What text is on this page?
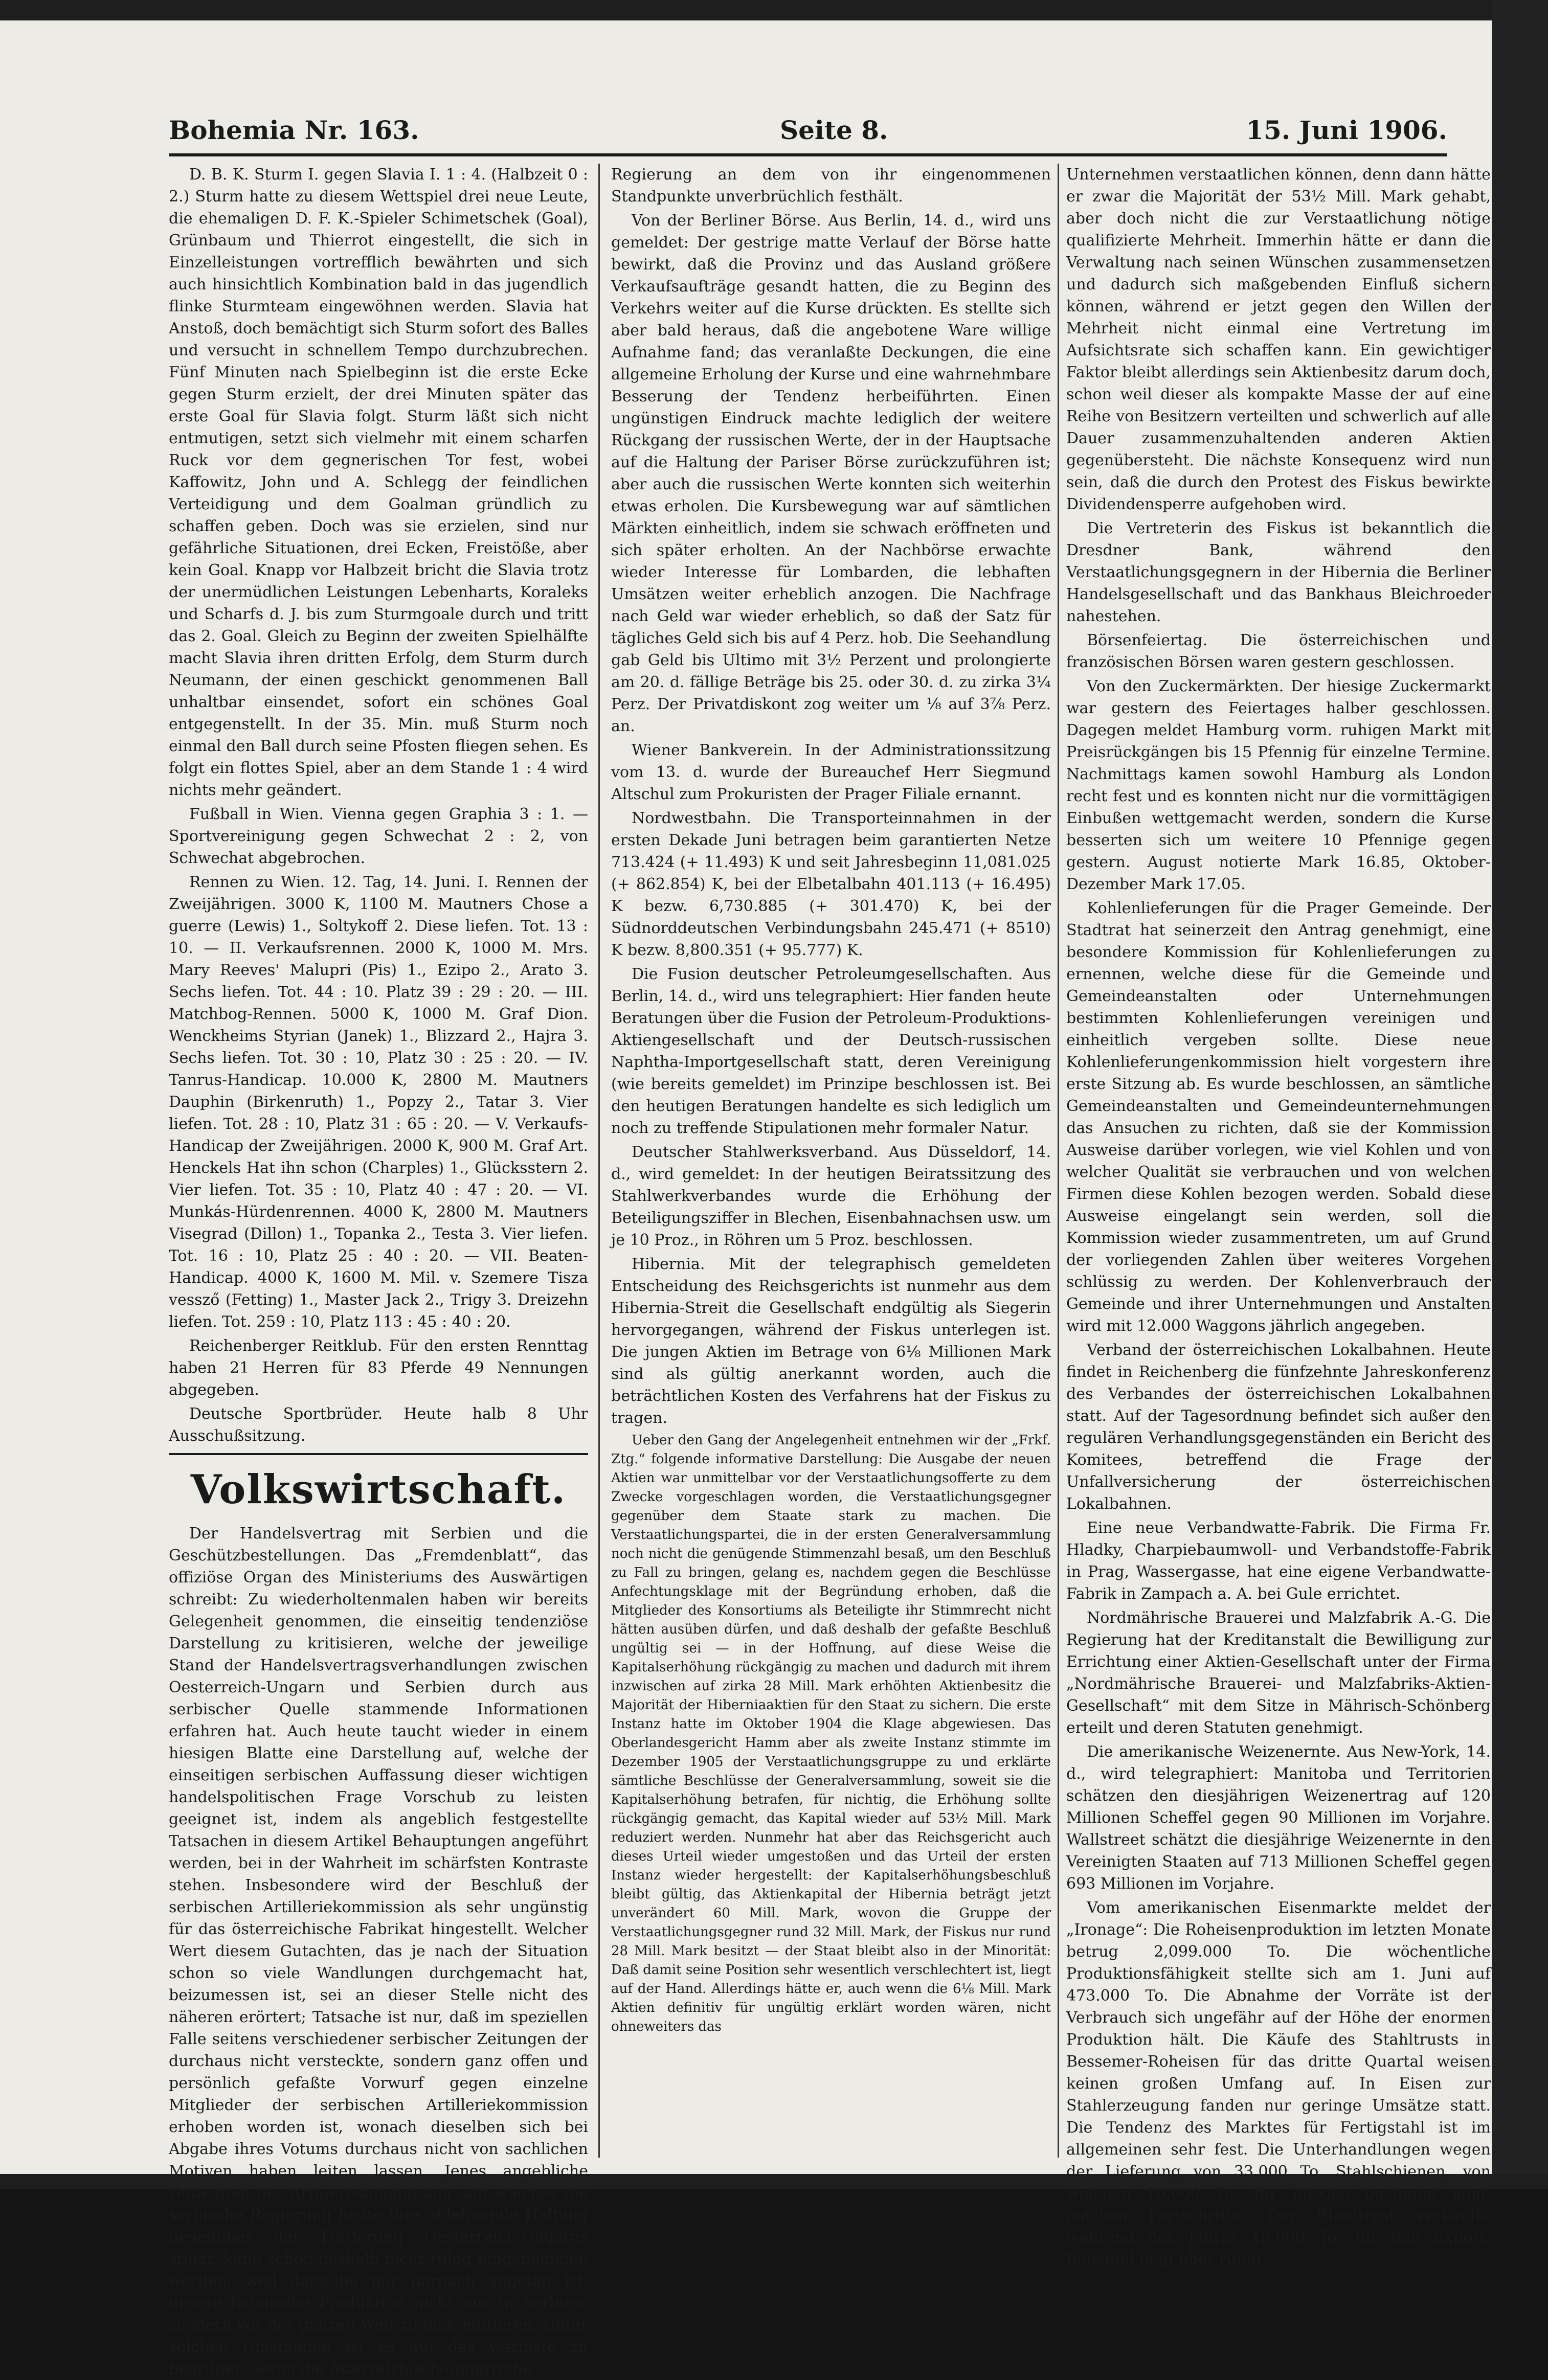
Bohemia Nr. 163.	Seite 8.	15. Juni 1906.

D. B. K. Sturm I. gegen Slavia I. 1 : 4. (Halbzeit 0 : 2.) Sturm hatte zu diesem Wettspiel drei neue Leute, die ehemaligen D. F. K.-Spieler Schimetschek (Goal), Grünbaum und Thierrot eingestellt, die sich in Einzelleistungen vortrefflich bewährten und sich auch hinsichtlich Kombination bald in das jugendlich flinke Sturmteam eingewöhnen werden. Slavia hat Anstoß, doch bemächtigt sich Sturm sofort des Balles und versucht in schnellem Tempo durchzubrechen. Fünf Minuten nach Spielbeginn ist die erste Ecke gegen Sturm erzielt, der drei Minuten später das erste Goal für Slavia folgt. Sturm läßt sich nicht entmutigen, setzt sich vielmehr mit einem scharfen Ruck vor dem gegnerischen Tor fest, wobei Kaffowitz, John und A. Schlegg der feindlichen Verteidigung und dem Goalman gründlich zu schaffen geben. Doch was sie erzielen, sind nur gefährliche Situationen, drei Ecken, Freistöße, aber kein Goal. Knapp vor Halbzeit bricht die Slavia trotz der unermüdlichen Leistungen Lebenharts, Koraleks und Scharfs d. J. bis zum Sturmgoale durch und tritt das 2. Goal. Gleich zu Beginn der zweiten Spielhälfte macht Slavia ihren dritten Erfolg, dem Sturm durch Neumann, der einen geschickt genommenen Ball unhaltbar einsendet, sofort ein schönes Goal entgegenstellt. In der 35. Min. muß Sturm noch einmal den Ball durch seine Pfosten fliegen sehen. Es folgt ein flottes Spiel, aber an dem Stande 1 : 4 wird nichts mehr geändert.

Fußball in Wien. Vienna gegen Graphia 3 : 1. — Sportvereinigung gegen Schwechat 2 : 2, von Schwechat abgebrochen.

Rennen zu Wien. 12. Tag, 14. Juni. I. Rennen der Zweijährigen. 3000 K, 1100 M. Mautners Chose a guerre (Lewis) 1., Soltykoff 2. Diese liefen. Tot. 13 : 10. — II. Verkaufsrennen. 2000 K, 1000 M. Mrs. Mary Reeves' Malupri (Pis) 1., Ezipo 2., Arato 3. Sechs liefen. Tot. 44 : 10. Platz 39 : 29 : 20. — III. Matchbog-Rennen. 5000 K, 1000 M. Graf Dion. Wenckheims Styrian (Janek) 1., Blizzard 2., Hajra 3. Sechs liefen. Tot. 30 : 10, Platz 30 : 25 : 20. — IV. Tanrus-Handicap. 10.000 K, 2800 M. Mautners Dauphin (Birkenruth) 1., Popzy 2., Tatar 3. Vier liefen. Tot. 28 : 10, Platz 31 : 65 : 20. — V. Verkaufs-Handicap der Zweijährigen. 2000 K, 900 M. Graf Art. Henckels Hat ihn schon (Charples) 1., Glücksstern 2. Vier liefen. Tot. 35 : 10, Platz 40 : 47 : 20. — VI. Munkás-Hürdenrennen. 4000 K, 2800 M. Mautners Visegrad (Dillon) 1., Topanka 2., Testa 3. Vier liefen. Tot. 16 : 10, Platz 25 : 40 : 20. — VII. Beaten-Handicap. 4000 K, 1600 M. Mil. v. Szemere Tisza vessző (Fetting) 1., Master Jack 2., Trigy 3. Dreizehn liefen. Tot. 259 : 10, Platz 113 : 45 : 40 : 20.

Reichenberger Reitklub. Für den ersten Rennttag haben 21 Herren für 83 Pferde 49 Nennungen abgegeben.

Deutsche Sportbrüder. Heute halb 8 Uhr Ausschußsitzung.

Volkswirtschaft.

Der Handelsvertrag mit Serbien und die Geschützbestellungen. Das „Fremdenblatt“, das offiziöse Organ des Ministeriums des Auswärtigen schreibt: Zu wiederholtenmalen haben wir bereits Gelegenheit genommen, die einseitig tendenziöse Darstellung zu kritisieren, welche der jeweilige Stand der Handelsvertragsverhandlungen zwischen Oesterreich-Ungarn und Serbien durch aus serbischer Quelle stammende Informationen erfahren hat. Auch heute taucht wieder in einem hiesigen Blatte eine Darstellung auf, welche der einseitigen serbischen Auffassung dieser wichtigen handelspolitischen Frage Vorschub zu leisten geeignet ist, indem als angeblich festgestellte Tatsachen in diesem Artikel Behauptungen angeführt werden, bei in der Wahrheit im schärfsten Kontraste stehen. Insbesondere wird der Beschluß der serbischen Artilleriekommission als sehr ungünstig für das österreichische Fabrikat hingestellt. Welcher Wert diesem Gutachten, das je nach der Situation schon so viele Wandlungen durchgemacht hat, beizumessen ist, sei an dieser Stelle nicht des näheren erörtert; Tatsache ist nur, daß im speziellen Falle seitens verschiedener serbischer Zeitungen der durchaus nicht versteckte, sondern ganz offen und persönlich gefaßte Vorwurf gegen einzelne Mitglieder der serbischen Artilleriekommission erhoben worden ist, wonach dieselben sich bei Abgabe ihres Votums durchaus nicht von sachlichen Motiven haben leiten lassen. Jenes angebliche Gutachten der Artilleriekommission, auf welches die serbische Regierung heute ihre ablehnende Haltung gegenüber der Forderung Oesterreich-Ungarns stützt, kann schon deshalb nicht ruhig hingenommen werden, weil dasselbe nur darnach angetan ist, unsere heimische Produktion nicht nur in Serbien, sondern vor der ganzen Welt zu diskreditieren. Unter solchen Umständen ist es auf das wärmste zu begrüßen, wenn die österreichisch-ungarische

Regierung an dem von ihr eingenommenen Standpunkte unverbrüchlich festhält.

Von der Berliner Börse. Aus Berlin, 14. d., wird uns gemeldet: Der gestrige matte Verlauf der Börse hatte bewirkt, daß die Provinz und das Ausland größere Verkaufsaufträge gesandt hatten, die zu Beginn des Verkehrs weiter auf die Kurse drückten. Es stellte sich aber bald heraus, daß die angebotene Ware willige Aufnahme fand; das veranlaßte Deckungen, die eine allgemeine Erholung der Kurse und eine wahrnehmbare Besserung der Tendenz herbeiführten. Einen ungünstigen Eindruck machte lediglich der weitere Rückgang der russischen Werte, der in der Hauptsache auf die Haltung der Pariser Börse zurückzuführen ist; aber auch die russischen Werte konnten sich weiterhin etwas erholen. Die Kursbewegung war auf sämtlichen Märkten einheitlich, indem sie schwach eröffneten und sich später erholten. An der Nachbörse erwachte wieder Interesse für Lombarden, die lebhaften Umsätzen weiter erheblich anzogen. Die Nachfrage nach Geld war wieder erheblich, so daß der Satz für tägliches Geld sich bis auf 4 Perz. hob. Die Seehandlung gab Geld bis Ultimo mit 3½ Perzent und prolongierte am 20. d. fällige Beträge bis 25. oder 30. d. zu zirka 3¼ Perz. Der Privatdiskont zog weiter um ⅛ auf 3⅞ Perz. an.

Wiener Bankverein. In der Administrationssitzung vom 13. d. wurde der Bureauchef Herr Siegmund Altschul zum Prokuristen der Prager Filiale ernannt.

Nordwestbahn. Die Transporteinnahmen in der ersten Dekade Juni betragen beim garantierten Netze 713.424 (+ 11.493) K und seit Jahresbeginn 11,081.025 (+ 862.854) K, bei der Elbetalbahn 401.113 (+ 16.495) K bezw. 6,730.885 (+ 301.470) K, bei der Südnorddeutschen Verbindungsbahn 245.471 (+ 8510) K bezw. 8,800.351 (+ 95.777) K.

Die Fusion deutscher Petroleumgesellschaften. Aus Berlin, 14. d., wird uns telegraphiert: Hier fanden heute Beratungen über die Fusion der Petroleum-Produktions-Aktiengesellschaft und der Deutsch-russischen Naphtha-Importgesellschaft statt, deren Vereinigung (wie bereits gemeldet) im Prinzipe beschlossen ist. Bei den heutigen Beratungen handelte es sich lediglich um noch zu treffende Stipulationen mehr formaler Natur.

Deutscher Stahlwerksverband. Aus Düsseldorf, 14. d., wird gemeldet: In der heutigen Beiratssitzung des Stahlwerkverbandes wurde die Erhöhung der Beteiligungsziffer in Blechen, Eisenbahnachsen usw. um je 10 Proz., in Röhren um 5 Proz. beschlossen.

Hibernia. Mit der telegraphisch gemeldeten Entscheidung des Reichsgerichts ist nunmehr aus dem Hibernia-Streit die Gesellschaft endgültig als Siegerin hervorgegangen, während der Fiskus unterlegen ist. Die jungen Aktien im Betrage von 6⅛ Millionen Mark sind als gültig anerkannt worden, auch die beträchtlichen Kosten des Verfahrens hat der Fiskus zu tragen.

Ueber den Gang der Angelegenheit entnehmen wir der „Frkf. Ztg.“ folgende informative Darstellung: Die Ausgabe der neuen Aktien war unmittelbar vor der Verstaatlichungsofferte zu dem Zwecke vorgeschlagen worden, die Verstaatlichungsgegner gegenüber dem Staate stark zu machen. Die Verstaatlichungspartei, die in der ersten Generalversammlung noch nicht die genügende Stimmenzahl besaß, um den Beschluß zu Fall zu bringen, gelang es, nachdem gegen die Beschlüsse Anfechtungsklage mit der Begründung erhoben, daß die Mitglieder des Konsortiums als Beteiligte ihr Stimmrecht nicht hätten ausüben dürfen, und daß deshalb der gefaßte Beschluß ungültig sei — in der Hoffnung, auf diese Weise die Kapitalserhöhung rückgängig zu machen und dadurch mit ihrem inzwischen auf zirka 28 Mill. Mark erhöhten Aktienbesitz die Majorität der Hiberniaaktien für den Staat zu sichern. Die erste Instanz hatte im Oktober 1904 die Klage abgewiesen. Das Oberlandesgericht Hamm aber als zweite Instanz stimmte im Dezember 1905 der Verstaatlichungsgruppe zu und erklärte sämtliche Beschlüsse der Generalversammlung, soweit sie die Kapitalserhöhung betrafen, für nichtig, die Erhöhung sollte rückgängig gemacht, das Kapital wieder auf 53½ Mill. Mark reduziert werden. Nunmehr hat aber das Reichsgericht auch dieses Urteil wieder umgestoßen und das Urteil der ersten Instanz wieder hergestellt: der Kapitalserhöhungsbeschluß bleibt gültig, das Aktienkapital der Hibernia beträgt jetzt unverändert 60 Mill. Mark, wovon die Gruppe der Verstaatlichungsgegner rund 32 Mill. Mark, der Fiskus nur rund 28 Mill. Mark besitzt — der Staat bleibt also in der Minorität: Daß damit seine Position sehr wesentlich verschlechtert ist, liegt auf der Hand. Allerdings hätte er, auch wenn die 6⅛ Mill. Mark Aktien definitiv für ungültig erklärt worden wären, nicht ohneweiters das

Unternehmen verstaatlichen können, denn dann hätte er zwar die Majorität der 53½ Mill. Mark gehabt, aber doch nicht die zur Verstaatlichung nötige qualifizierte Mehrheit. Immerhin hätte er dann die Verwaltung nach seinen Wünschen zusammensetzen und dadurch sich maßgebenden Einfluß sichern können, während er jetzt gegen den Willen der Mehrheit nicht einmal eine Vertretung im Aufsichtsrate sich schaffen kann. Ein gewichtiger Faktor bleibt allerdings sein Aktienbesitz darum doch, schon weil dieser als kompakte Masse der auf eine Reihe von Besitzern verteilten und schwerlich auf alle Dauer zusammenzuhaltenden anderen Aktien gegenübersteht. Die nächste Konsequenz wird nun sein, daß die durch den Protest des Fiskus bewirkte Dividendensperre aufgehoben wird.

Die Vertreterin des Fiskus ist bekanntlich die Dresdner Bank, während den Verstaatlichungsgegnern in der Hibernia die Berliner Handelsgesellschaft und das Bankhaus Bleichroeder nahestehen.

Börsenfeiertag. Die österreichischen und französischen Börsen waren gestern geschlossen.

Von den Zuckermärkten. Der hiesige Zuckermarkt war gestern des Feiertages halber geschlossen. Dagegen meldet Hamburg vorm. ruhigen Markt mit Preisrückgängen bis 15 Pfennig für einzelne Termine. Nachmittags kamen sowohl Hamburg als London recht fest und es konnten nicht nur die vormittägigen Einbußen wettgemacht werden, sondern die Kurse besserten sich um weitere 10 Pfennige gegen gestern. August notierte Mark 16.85, Oktober-Dezember Mark 17.05.

Kohlenlieferungen für die Prager Gemeinde. Der Stadtrat hat seinerzeit den Antrag genehmigt, eine besondere Kommission für Kohlenlieferungen zu ernennen, welche diese für die Gemeinde und Gemeindeanstalten oder Unternehmungen bestimmten Kohlenlieferungen vereinigen und einheitlich vergeben sollte. Diese neue Kohlenlieferungenkommission hielt vorgestern ihre erste Sitzung ab. Es wurde beschlossen, an sämtliche Gemeindeanstalten und Gemeindeunternehmungen das Ansuchen zu richten, daß sie der Kommission Ausweise darüber vorlegen, wie viel Kohlen und von welcher Qualität sie verbrauchen und von welchen Firmen diese Kohlen bezogen werden. Sobald diese Ausweise eingelangt sein werden, soll die Kommission wieder zusammentreten, um auf Grund der vorliegenden Zahlen über weiteres Vorgehen schlüssig zu werden. Der Kohlenverbrauch der Gemeinde und ihrer Unternehmungen und Anstalten wird mit 12.000 Waggons jährlich angegeben.

Verband der österreichischen Lokalbahnen. Heute findet in Reichenberg die fünfzehnte Jahreskonferenz des Verbandes der österreichischen Lokalbahnen statt. Auf der Tagesordnung befindet sich außer den regulären Verhandlungsgegenständen ein Bericht des Komitees, betreffend die Frage der Unfallversicherung der österreichischen Lokalbahnen.

Eine neue Verbandwatte-Fabrik. Die Firma Fr. Hladky, Charpiebaumwoll- und Verbandstoffe-Fabrik in Prag, Wassergasse, hat eine eigene Verbandwatte-Fabrik in Zampach a. A. bei Gule errichtet.

Nordmährische Brauerei und Malzfabrik A.-G. Die Regierung hat der Kreditanstalt die Bewilligung zur Errichtung einer Aktien-Gesellschaft unter der Firma „Nordmährische Brauerei- und Malzfabriks-Aktien-Gesellschaft“ mit dem Sitze in Mährisch-Schönberg erteilt und deren Statuten genehmigt.

Die amerikanische Weizenernte. Aus New-York, 14. d., wird telegraphiert: Manitoba und Territorien schätzen den diesjährigen Weizenertrag auf 120 Millionen Scheffel gegen 90 Millionen im Vorjahre. Wallstreet schätzt die diesjährige Weizenernte in den Vereinigten Staaten auf 713 Millionen Scheffel gegen 693 Millionen im Vorjahre.

Vom amerikanischen Eisenmarkte meldet der „Ironage“: Die Roheisenproduktion im letzten Monate betrug 2,099.000 To. Die wöchentliche Produktionsfähigkeit stellte sich am 1. Juni auf 473.000 To. Die Abnahme der Vorräte ist der Verbrauch sich ungefähr auf der Höhe der enormen Produktion hält. Die Käufe des Stahltrusts in Bessemer-Roheisen für das dritte Quartal weisen keinen großen Umfang auf. In Eisen zur Stahlerzeugung fanden nur geringe Umsätze statt. Die Tendenz des Marktes für Fertigstahl ist im allgemeinen sehr fest. Die Unterhandlungen wegen der Lieferung von 33.000 To. Stahlschienen, von welchen 10.000 To. für Mexiko bestimmt sind, machen Fortschritte. Der Stahltrust verkaufte während des Jahres 18.000 To. für den Export. Baustahl liegt eher ruhig.
